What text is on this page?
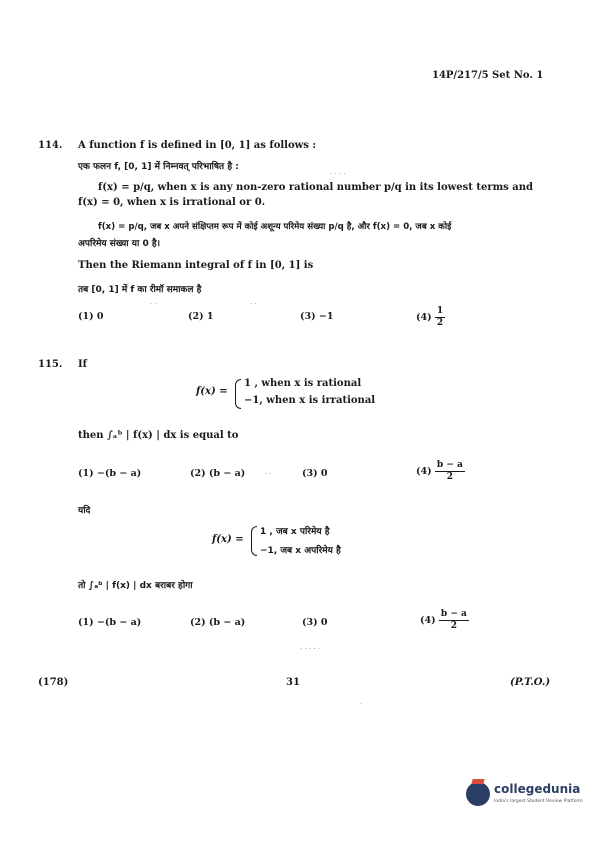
14P/217/5 Set No. 1
114. A function f is defined in [0, 1] as follows :
एक फलन f, [0, 1] में निम्नवत् परिभाषित है :
f(x) = p/q, when x is any non-zero rational number p/q in its lowest terms and
f(x) = 0, when x is irrational or 0.
f(x) = p/q, जब x अपने संक्षिप्तम रूप में कोई अशून्य परिमेय संख्या p/q है, और f(x) = 0, जब x कोई
अपरिमेय संख्या या 0 है।
Then the Riemann integral of f in [0, 1] is
तब [0, 1] में f का रीमॉ समाकल है
(1) 0	(2) 1	(3) −1	$(4) \frac{1}{2}$
115. If
f(x) =
1 , when x is rational
−1, when x is irrational
then ∫ₐᵇ | f(x) | dx is equal to
(1) −(b − a)	(2) (b − a)	(3) 0	$(4) \frac{b - a}{2}$
यदि
f(x) =
1 , जब x परिमेय है
−1, जब x अपरिमेय है
तो ∫ₐᵇ | f(x) | dx बराबर होगा
(1) −(b − a)	(2) (b − a)	(3) 0	$(4) \frac{b - a}{2}$
· · · ·
· ·	· ·
· ·
· · · · ·
·
(178)	31	(P.T.O.)
collegedunia
India's largest Student Review Platform
